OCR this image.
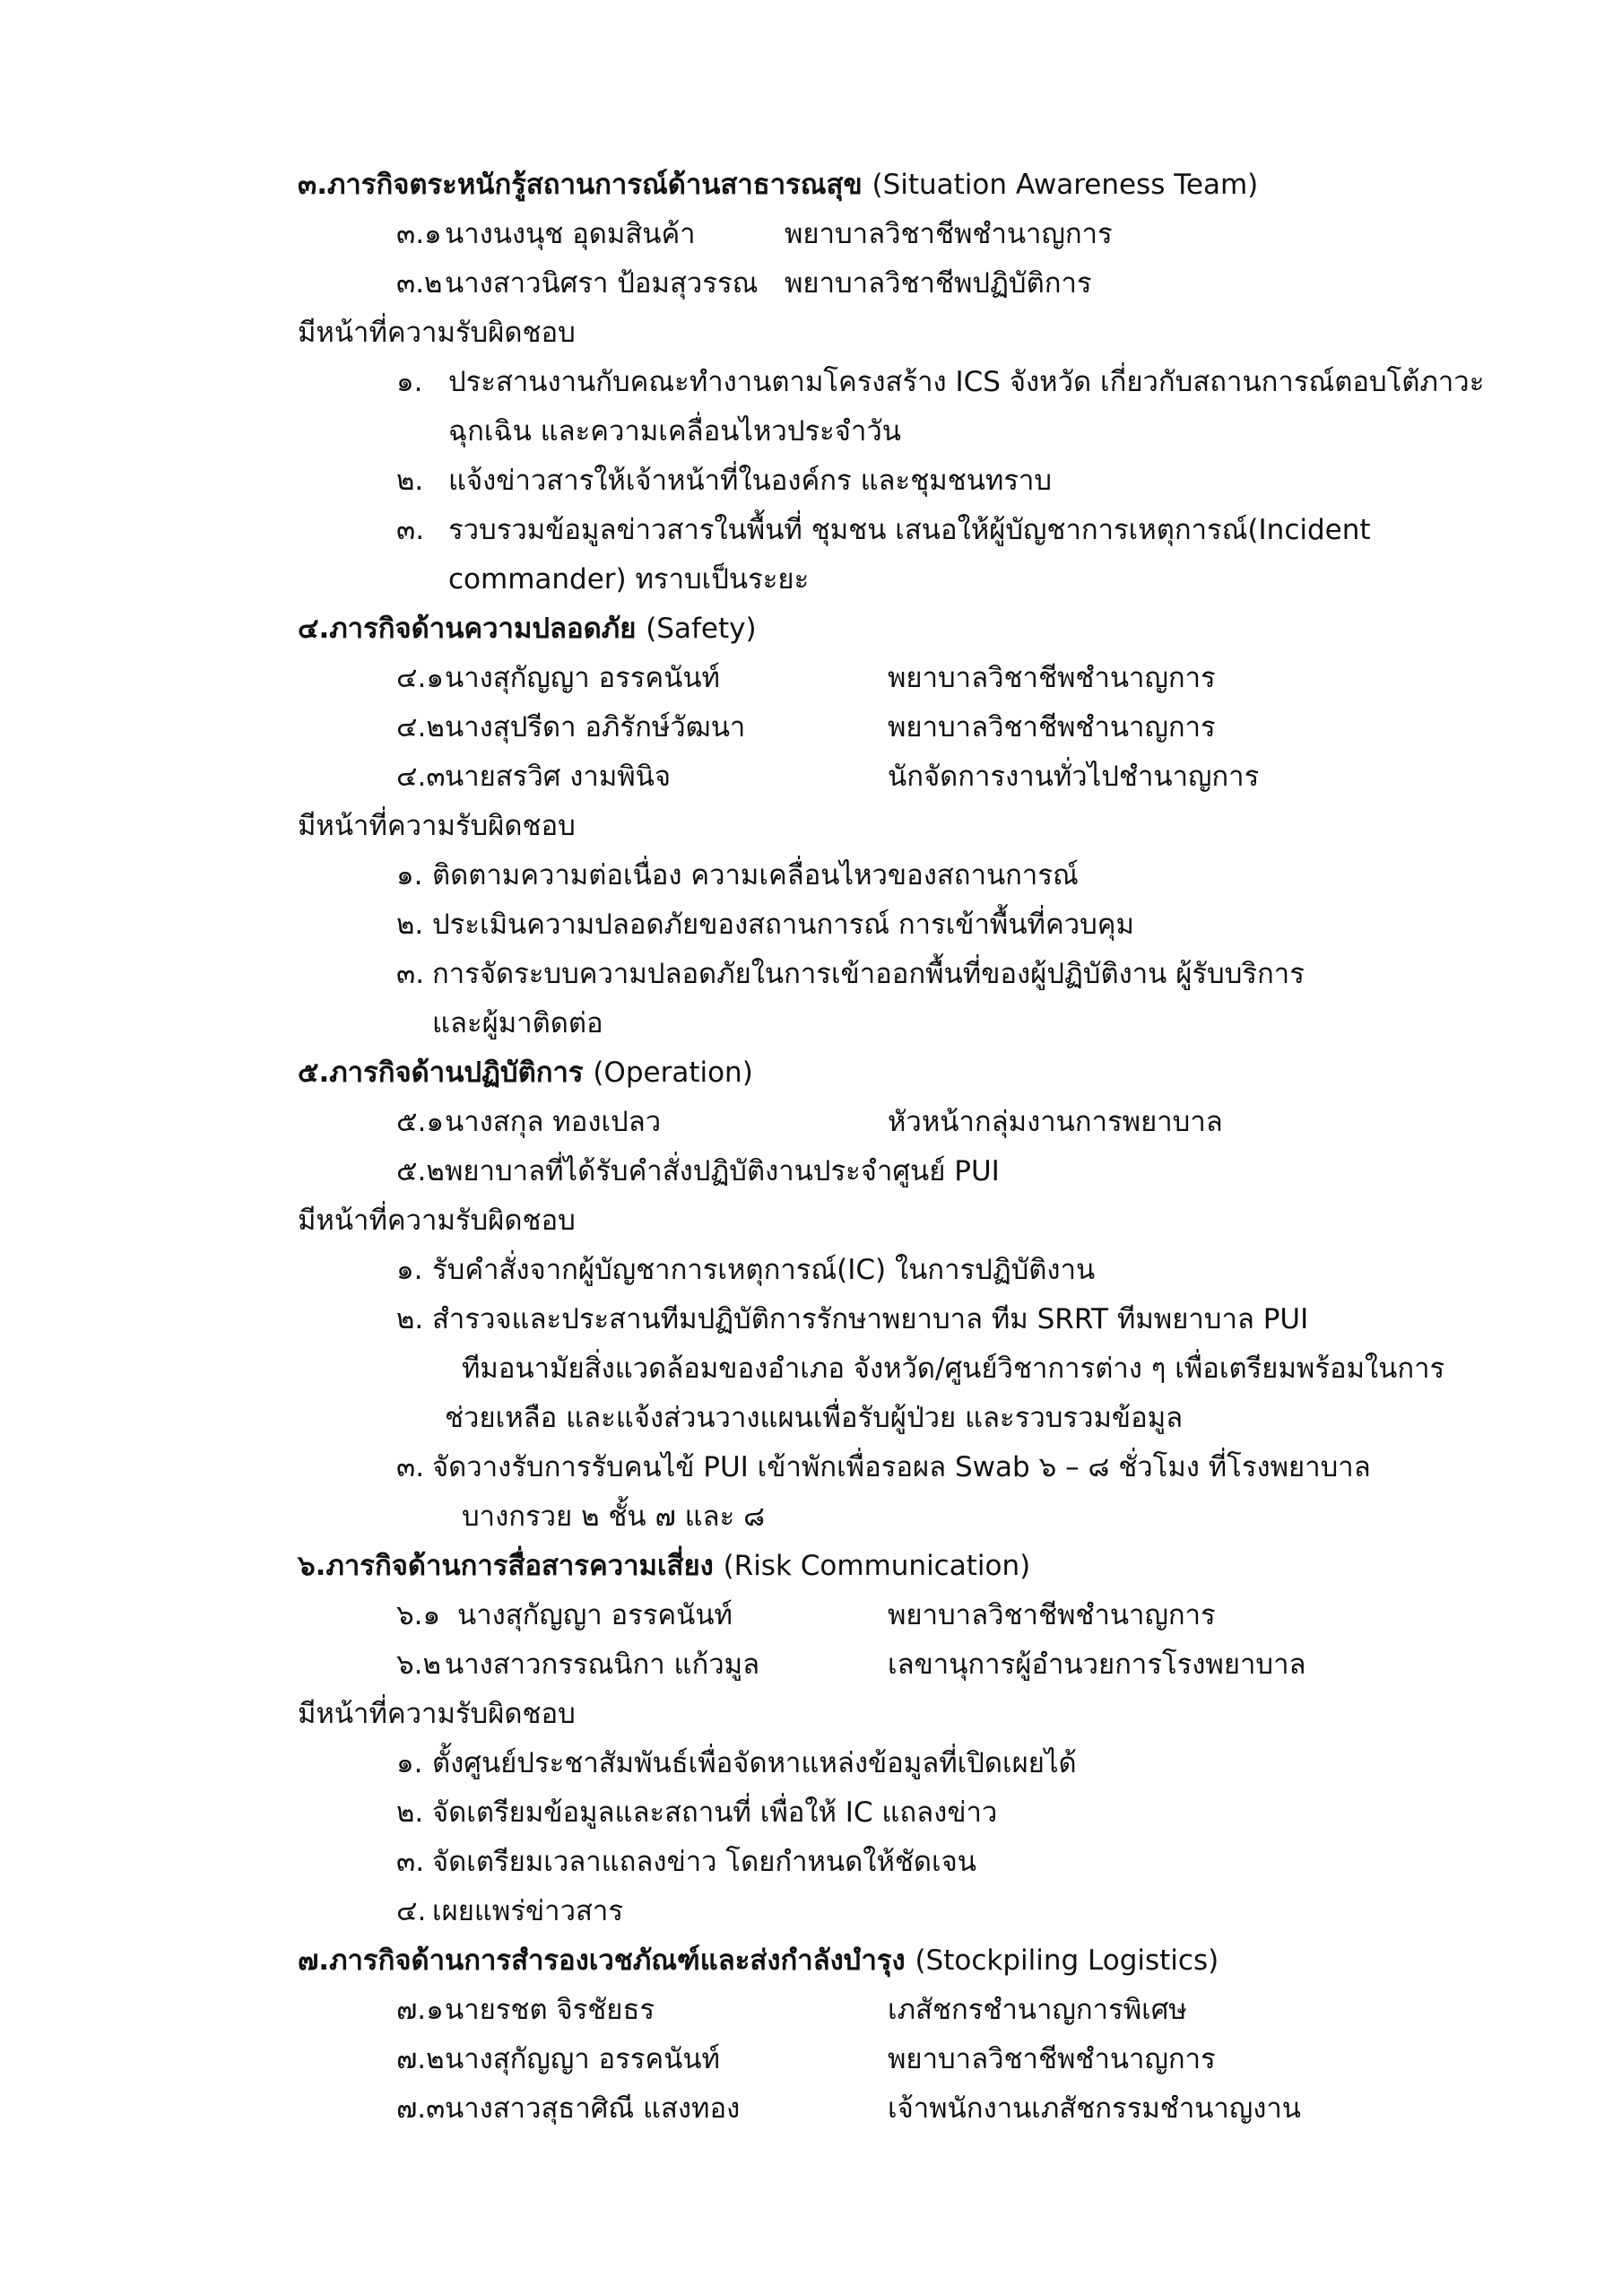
๓.ภารกิจตระหนักรู้สถานการณ์ด้านสาธารณสุข (Situation Awareness Team)
๓.๑ นางนงนุช อุดมสินค้า	พยาบาลวิชาชีพชำนาญการ
๓.๒ นางสาวนิศรา ป้อมสุวรรณ พยาบาลวิชาชีพปฏิบัติการ
มีหน้าที่ความรับผิดชอบ
๑. ประสานงานกับคณะทำงานตามโครงสร้าง ICS จังหวัด เกี่ยวกับสถานการณ์ตอบโต้ภาวะ
ฉุกเฉิน และความเคลื่อนไหวประจำวัน
๒. แจ้งข่าวสารให้เจ้าหน้าที่ในองค์กร และชุมชนทราบ
๓. รวบรวมข้อมูลข่าวสารในพื้นที่ ชุมชน เสนอให้ผู้บัญชาการเหตุการณ์(Incident
commander) ทราบเป็นระยะ
๔.ภารกิจด้านความปลอดภัย (Safety)
๔.๑ นางสุกัญญา อรรคนันท์	พยาบาลวิชาชีพชำนาญการ
๔.๒ นางสุปรีดา อภิรักษ์วัฒนา	พยาบาลวิชาชีพชำนาญการ
๔.๓ นายสรวิศ งามพินิจ	นักจัดการงานทั่วไปชำนาญการ
มีหน้าที่ความรับผิดชอบ
๑. ติดตามความต่อเนื่อง ความเคลื่อนไหวของสถานการณ์
๒. ประเมินความปลอดภัยของสถานการณ์ การเข้าพื้นที่ควบคุม
๓. การจัดระบบความปลอดภัยในการเข้าออกพื้นที่ของผู้ปฏิบัติงาน ผู้รับบริการ
และผู้มาติดต่อ
๕.ภารกิจด้านปฏิบัติการ (Operation)
๕.๑ นางสกุล ทองเปลว	หัวหน้ากลุ่มงานการพยาบาล
๕.๒ พยาบาลที่ได้รับคำสั่งปฏิบัติงานประจำศูนย์ PUI
มีหน้าที่ความรับผิดชอบ
๑. รับคำสั่งจากผู้บัญชาการเหตุการณ์(IC) ในการปฏิบัติงาน
๒. สำรวจและประสานทีมปฏิบัติการรักษาพยาบาล ทีม SRRT ทีมพยาบาล PUI
ทีมอนามัยสิ่งแวดล้อมของอำเภอ จังหวัด/ศูนย์วิชาการต่าง ๆ เพื่อเตรียมพร้อมในการ
ช่วยเหลือ และแจ้งส่วนวางแผนเพื่อรับผู้ป่วย และรวบรวมข้อมูล
๓. จัดวางรับการรับคนไข้ PUI เข้าพักเพื่อรอผล Swab ๖ – ๘ ชั่วโมง ที่โรงพยาบาล
บางกรวย ๒ ชั้น ๗ และ ๘
๖.ภารกิจด้านการสื่อสารความเสี่ยง (Risk Communication)
๖.๑ นางสุกัญญา อรรคนันท์	พยาบาลวิชาชีพชำนาญการ
๖.๒ นางสาวกรรณนิกา แก้วมูล	เลขานุการผู้อำนวยการโรงพยาบาล
มีหน้าที่ความรับผิดชอบ
๑. ตั้งศูนย์ประชาสัมพันธ์เพื่อจัดหาแหล่งข้อมูลที่เปิดเผยได้
๒. จัดเตรียมข้อมูลและสถานที่ เพื่อให้ IC แถลงข่าว
๓. จัดเตรียมเวลาแถลงข่าว โดยกำหนดให้ชัดเจน
๔. เผยแพร่ข่าวสาร
๗.ภารกิจด้านการสำรองเวชภัณฑ์และส่งกำลังบำรุง (Stockpiling Logistics)
๗.๑ นายรชต จิรชัยธร	เภสัชกรชำนาญการพิเศษ
๗.๒ นางสุกัญญา อรรคนันท์	พยาบาลวิชาชีพชำนาญการ
๗.๓ นางสาวสุธาศิณี แสงทอง	เจ้าพนักงานเภสัชกรรมชำนาญงาน
